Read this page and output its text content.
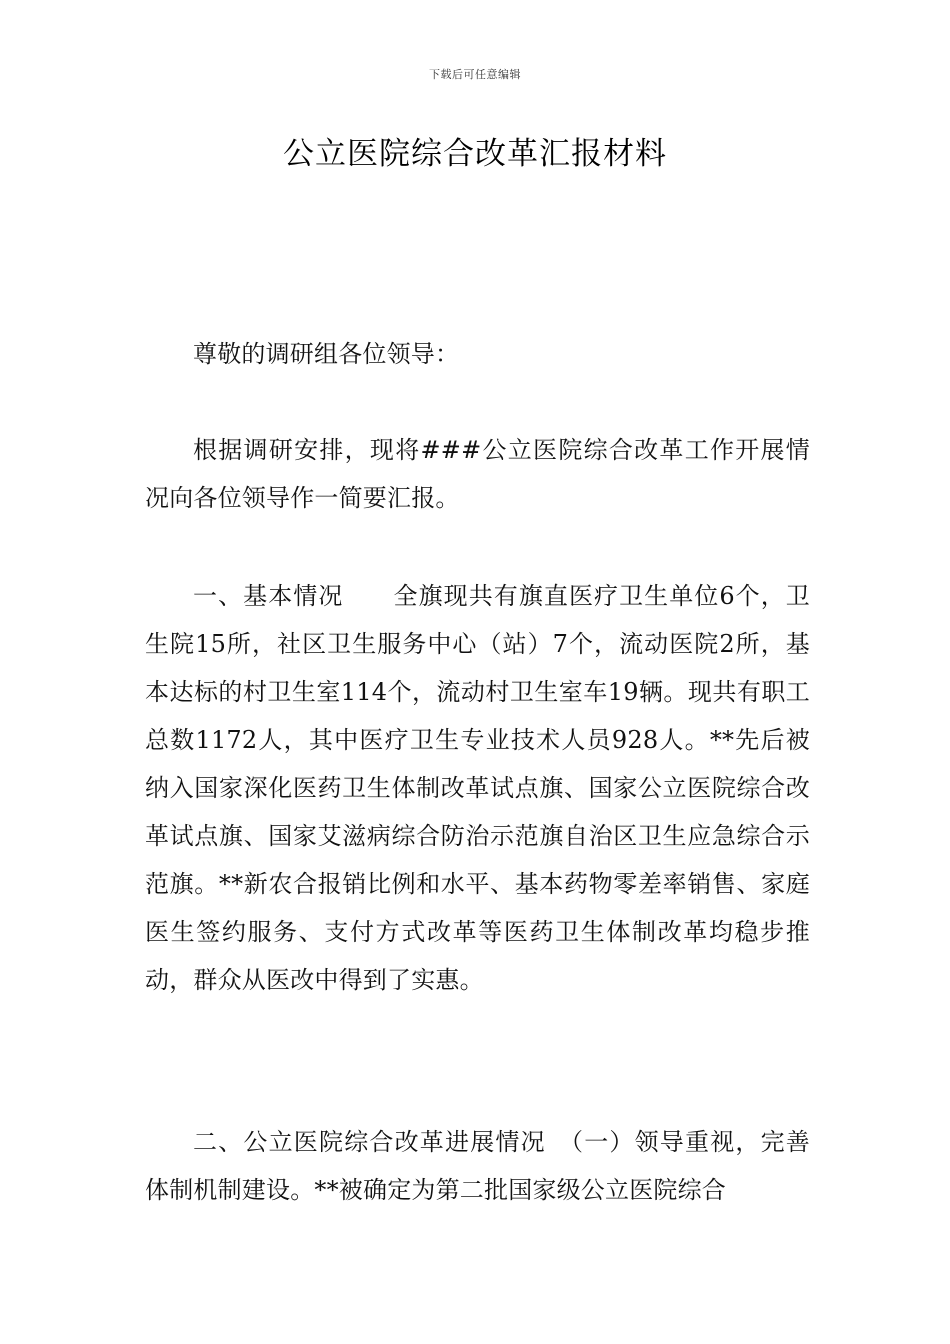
下载后可任意编辑
公立医院综合改革汇报材料

尊敬的调研组各位领导：

根据调研安排，现将###公立医院综合改革工作开展情况向各位领导作一简要汇报。

一、基本情况　　全旗现共有旗直医疗卫生单位6个，卫生院15所，社区卫生服务中心（站）7个，流动医院2所，基本达标的村卫生室114个，流动村卫生室车19辆。现共有职工总数1172人，其中医疗卫生专业技术人员928人。**先后被纳入国家深化医药卫生体制改革试点旗、国家公立医院综合改革试点旗、国家艾滋病综合防治示范旗自治区卫生应急综合示范旗。**新农合报销比例和水平、基本药物零差率销售、家庭医生签约服务、支付方式改革等医药卫生体制改革均稳步推动，群众从医改中得到了实惠。

二、公立医院综合改革进展情况　（一）领导重视，完善体制机制建设。**被确定为第二批国家级公立医院综合
